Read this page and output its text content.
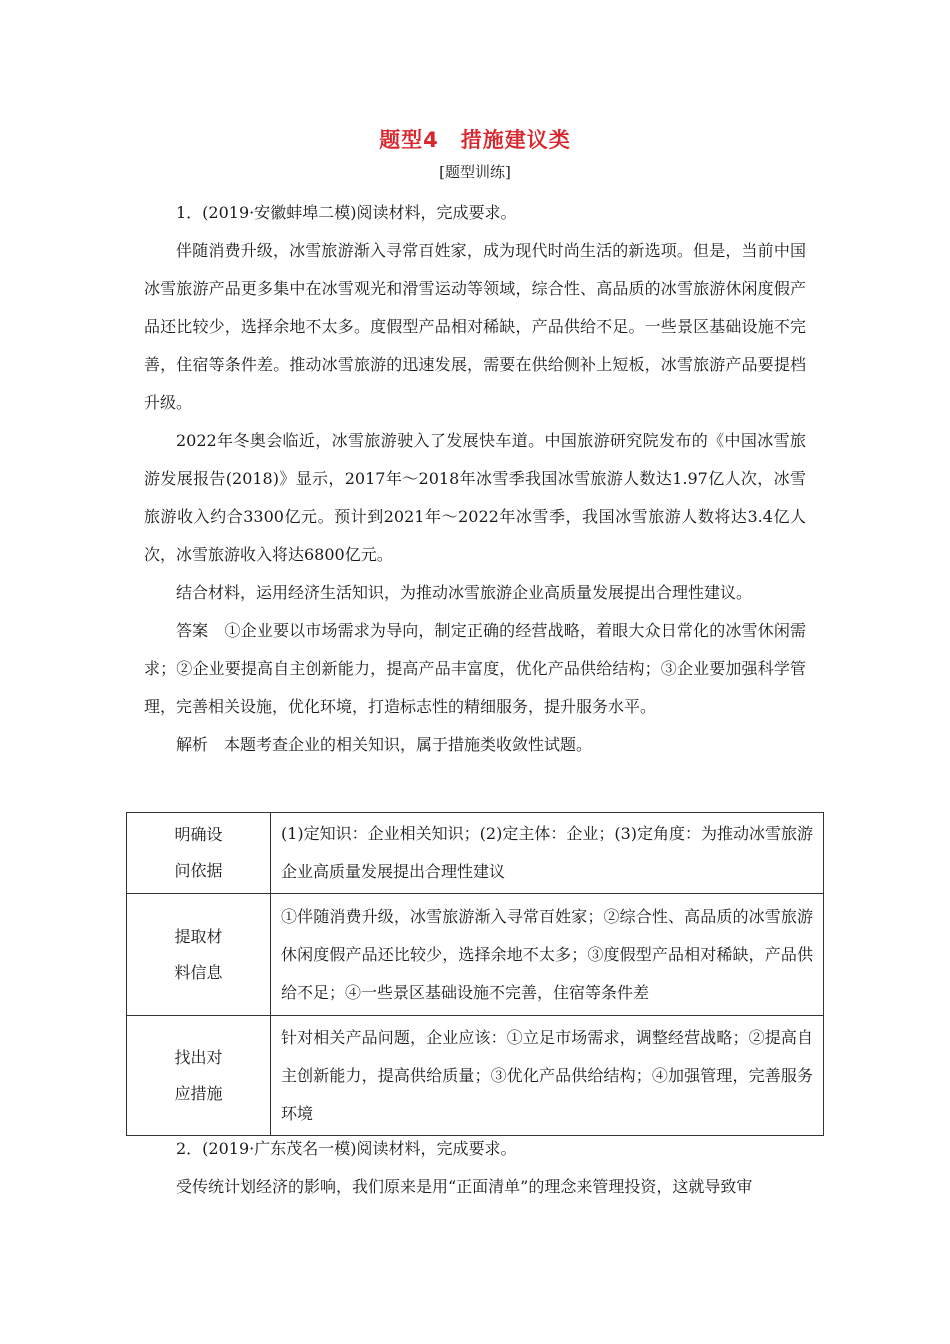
题型4　措施建议类
[题型训练]

1．(2019·安徽蚌埠二模)阅读材料，完成要求。

伴随消费升级，冰雪旅游渐入寻常百姓家，成为现代时尚生活的新选项。但是，当前中国冰雪旅游产品更多集中在冰雪观光和滑雪运动等领域，综合性、高品质的冰雪旅游休闲度假产品还比较少，选择余地不太多。度假型产品相对稀缺，产品供给不足。一些景区基础设施不完善，住宿等条件差。推动冰雪旅游的迅速发展，需要在供给侧补上短板，冰雪旅游产品要提档升级。

2022年冬奥会临近，冰雪旅游驶入了发展快车道。中国旅游研究院发布的《中国冰雪旅游发展报告(2018)》显示，2017年～2018年冰雪季我国冰雪旅游人数达1.97亿人次，冰雪旅游收入约合3300亿元。预计到2021年～2022年冰雪季，我国冰雪旅游人数将达3.4亿人次，冰雪旅游收入将达6800亿元。

结合材料，运用经济生活知识，为推动冰雪旅游企业高质量发展提出合理性建议。

答案　 ①企业要以市场需求为导向，制定正确的经营战略，着眼大众日常化的冰雪休闲需求；②企业要提高自主创新能力，提高产品丰富度，优化产品供给结构；③企业要加强科学管理，完善相关设施，优化环境，打造标志性的精细服务，提升服务水平。

解析　 本题考查企业的相关知识，属于措施类收敛性试题。

明确设
问依据	(1)定知识：企业相关知识；(2)定主体：企业；(3)定角度：为推动冰雪旅游企业高质量发展提出合理性建议
提取材
料信息	①伴随消费升级，冰雪旅游渐入寻常百姓家；②综合性、高品质的冰雪旅游休闲度假产品还比较少，选择余地不太多；③度假型产品相对稀缺，产品供给不足；④一些景区基础设施不完善，住宿等条件差
找出对
应措施	针对相关产品问题，企业应该：①立足市场需求，调整经营战略；②提高自主创新能力，提高供给质量；③优化产品供给结构；④加强管理，完善服务环境

2．(2019·广东茂名一模)阅读材料，完成要求。

受传统计划经济的影响，我们原来是用“正面清单”的理念来管理投资，这就导致审
